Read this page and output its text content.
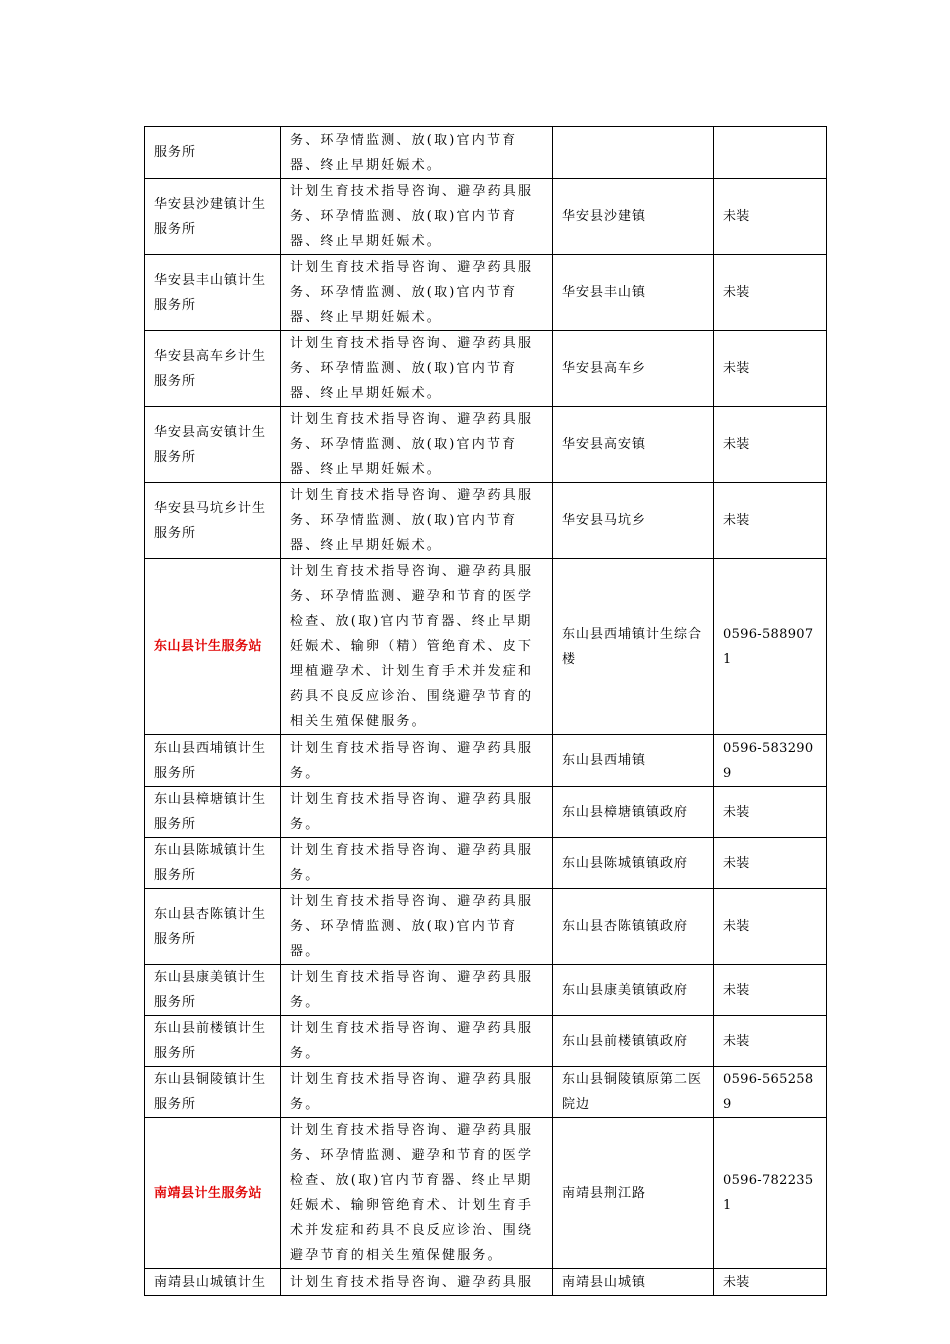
服务所	务、环孕情监测、放(取)官内节育器、终止早期妊娠术。		
华安县沙建镇计生服务所	计划生育技术指导咨询、避孕药具服务、环孕情监测、放(取)官内节育器、终止早期妊娠术。	华安县沙建镇	未装
华安县丰山镇计生服务所	计划生育技术指导咨询、避孕药具服务、环孕情监测、放(取)官内节育器、终止早期妊娠术。	华安县丰山镇	未装
华安县高车乡计生服务所	计划生育技术指导咨询、避孕药具服务、环孕情监测、放(取)官内节育器、终止早期妊娠术。	华安县高车乡	未装
华安县高安镇计生服务所	计划生育技术指导咨询、避孕药具服务、环孕情监测、放(取)官内节育器、终止早期妊娠术。	华安县高安镇	未装
华安县马坑乡计生服务所	计划生育技术指导咨询、避孕药具服务、环孕情监测、放(取)官内节育器、终止早期妊娠术。	华安县马坑乡	未装
东山县计生服务站	计划生育技术指导咨询、避孕药具服务、环孕情监测、避孕和节育的医学检查、放(取)官内节育器、终止早期妊娠术、输卵（精）管绝育术、皮下埋植避孕术、计划生育手术并发症和药具不良反应诊治、围绕避孕节育的相关生殖保健服务。	东山县西埔镇计生综合楼	0596-5889071
东山县西埔镇计生服务所	计划生育技术指导咨询、避孕药具服务。	东山县西埔镇	0596-5832909
东山县樟塘镇计生服务所	计划生育技术指导咨询、避孕药具服务。	东山县樟塘镇镇政府	未装
东山县陈城镇计生服务所	计划生育技术指导咨询、避孕药具服务。	东山县陈城镇镇政府	未装
东山县杏陈镇计生服务所	计划生育技术指导咨询、避孕药具服务、环孕情监测、放(取)官内节育器。	东山县杏陈镇镇政府	未装
东山县康美镇计生服务所	计划生育技术指导咨询、避孕药具服务。	东山县康美镇镇政府	未装
东山县前楼镇计生服务所	计划生育技术指导咨询、避孕药具服务。	东山县前楼镇镇政府	未装
东山县铜陵镇计生服务所	计划生育技术指导咨询、避孕药具服务。	东山县铜陵镇原第二医院边	0596-5652589
南靖县计生服务站	计划生育技术指导咨询、避孕药具服务、环孕情监测、避孕和节育的医学检查、放(取)官内节育器、终止早期妊娠术、输卵管绝育术、计划生育手术并发症和药具不良反应诊治、围绕避孕节育的相关生殖保健服务。	南靖县荆江路	0596-7822351
南靖县山城镇计生	计划生育技术指导咨询、避孕药具服	南靖县山城镇	未装
